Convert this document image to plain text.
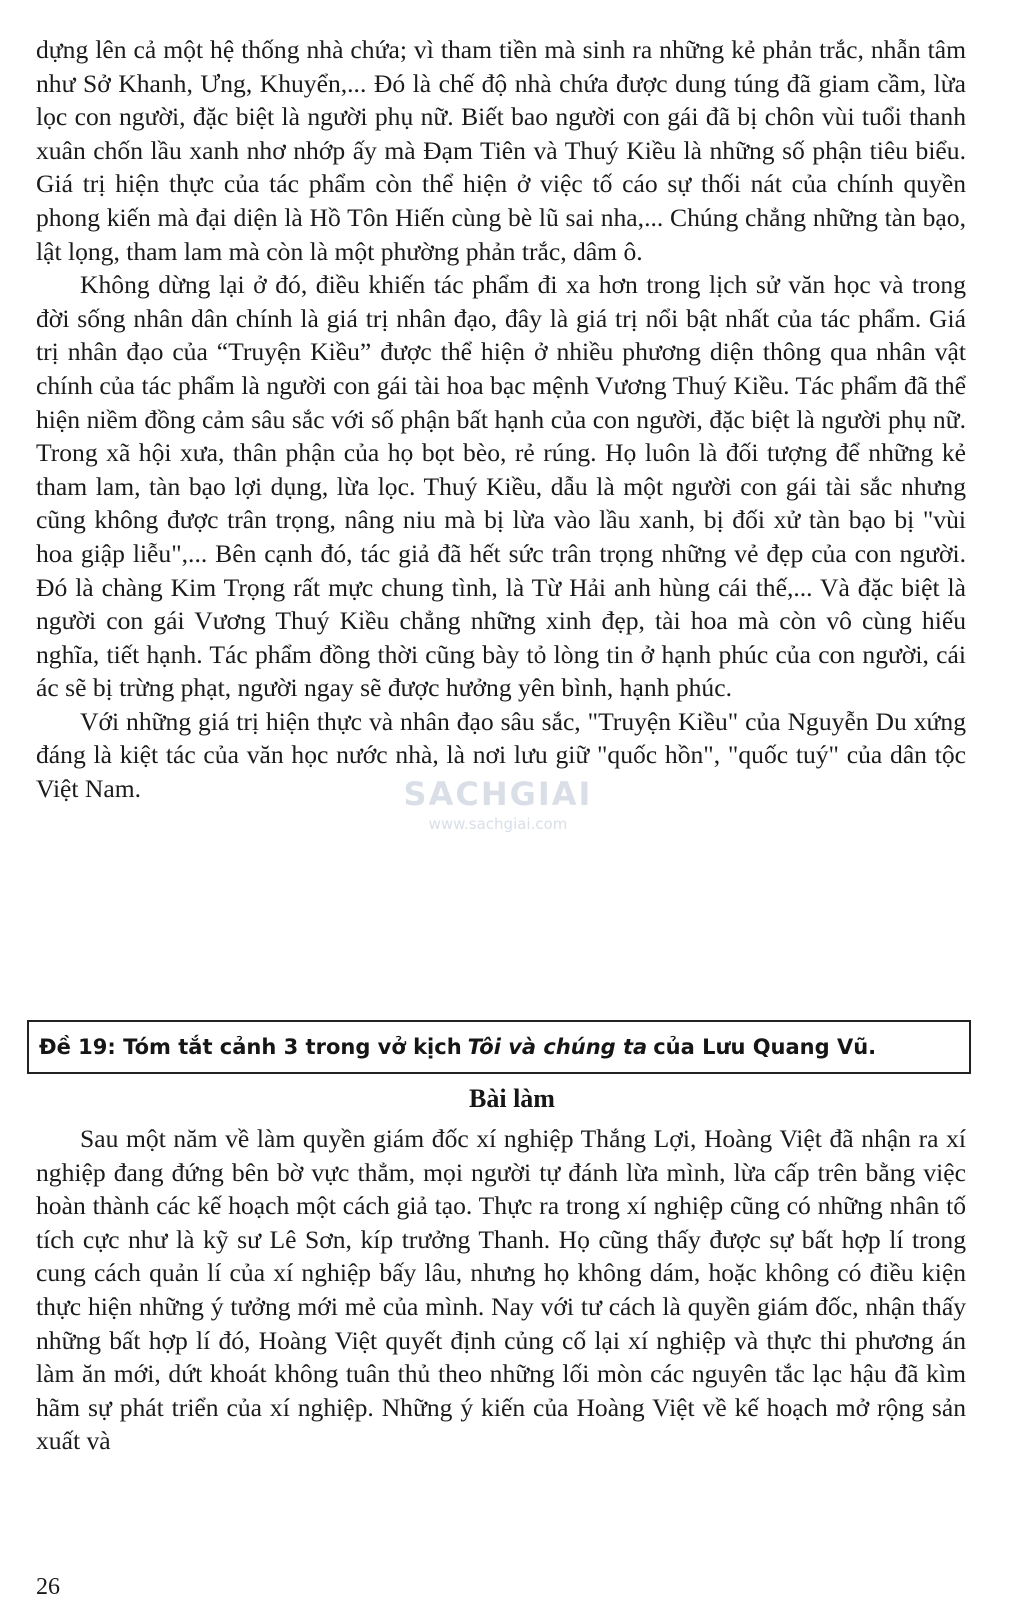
dựng lên cả một hệ thống nhà chứa; vì tham tiền mà sinh ra những kẻ phản trắc, nhẫn tâm như Sở Khanh, Ưng, Khuyển,... Đó là chế độ nhà chứa được dung túng đã giam cầm, lừa lọc con người, đặc biệt là người phụ nữ. Biết bao người con gái đã bị chôn vùi tuổi thanh xuân chốn lầu xanh nhơ nhớp ấy mà Đạm Tiên và Thuý Kiều là những số phận tiêu biểu. Giá trị hiện thực của tác phẩm còn thể hiện ở việc tố cáo sự thối nát của chính quyền phong kiến mà đại diện là Hồ Tôn Hiến cùng bè lũ sai nha,... Chúng chẳng những tàn bạo, lật lọng, tham lam mà còn là một phường phản trắc, dâm ô.

Không dừng lại ở đó, điều khiến tác phẩm đi xa hơn trong lịch sử văn học và trong đời sống nhân dân chính là giá trị nhân đạo, đây là giá trị nổi bật nhất của tác phẩm. Giá trị nhân đạo của “Truyện Kiều” được thể hiện ở nhiều phương diện thông qua nhân vật chính của tác phẩm là người con gái tài hoa bạc mệnh Vương Thuý Kiều. Tác phẩm đã thể hiện niềm đồng cảm sâu sắc với số phận bất hạnh của con người, đặc biệt là người phụ nữ. Trong xã hội xưa, thân phận của họ bọt bèo, rẻ rúng. Họ luôn là đối tượng để những kẻ tham lam, tàn bạo lợi dụng, lừa lọc. Thuý Kiều, dẫu là một người con gái tài sắc nhưng cũng không được trân trọng, nâng niu mà bị lừa vào lầu xanh, bị đối xử tàn bạo bị "vùi hoa giập liễu",... Bên cạnh đó, tác giả đã hết sức trân trọng những vẻ đẹp của con người. Đó là chàng Kim Trọng rất mực chung tình, là Từ Hải anh hùng cái thế,... Và đặc biệt là người con gái Vương Thuý Kiều chẳng những xinh đẹp, tài hoa mà còn vô cùng hiếu nghĩa, tiết hạnh. Tác phẩm đồng thời cũng bày tỏ lòng tin ở hạnh phúc của con người, cái ác sẽ bị trừng phạt, người ngay sẽ được hưởng yên bình, hạnh phúc.

Với những giá trị hiện thực và nhân đạo sâu sắc, "Truyện Kiều" của Nguyễn Du xứng đáng là kiệt tác của văn học nước nhà, là nơi lưu giữ "quốc hồn", "quốc tuý" của dân tộc Việt Nam.	SACHGIAI
www.sachgiai.com
Đề 19: Tóm tắt cảnh 3 trong vở kịch Tôi và chúng ta của Lưu Quang Vũ.
Bài làm

Sau một năm về làm quyền giám đốc xí nghiệp Thắng Lợi, Hoàng Việt đã nhận ra xí nghiệp đang đứng bên bờ vực thẳm, mọi người tự đánh lừa mình, lừa cấp trên bằng việc hoàn thành các kế hoạch một cách giả tạo. Thực ra trong xí nghiệp cũng có những nhân tố tích cực như là kỹ sư Lê Sơn, kíp trưởng Thanh. Họ cũng thấy được sự bất hợp lí trong cung cách quản lí của xí nghiệp bấy lâu, nhưng họ không dám, hoặc không có điều kiện thực hiện những ý tưởng mới mẻ của mình. Nay với tư cách là quyền giám đốc, nhận thấy những bất hợp lí đó, Hoàng Việt quyết định củng cố lại xí nghiệp và thực thi phương án làm ăn mới, dứt khoát không tuân thủ theo những lối mòn các nguyên tắc lạc hậu đã kìm hãm sự phát triển của xí nghiệp. Những ý kiến của Hoàng Việt về kế hoạch mở rộng sản xuất và

26
